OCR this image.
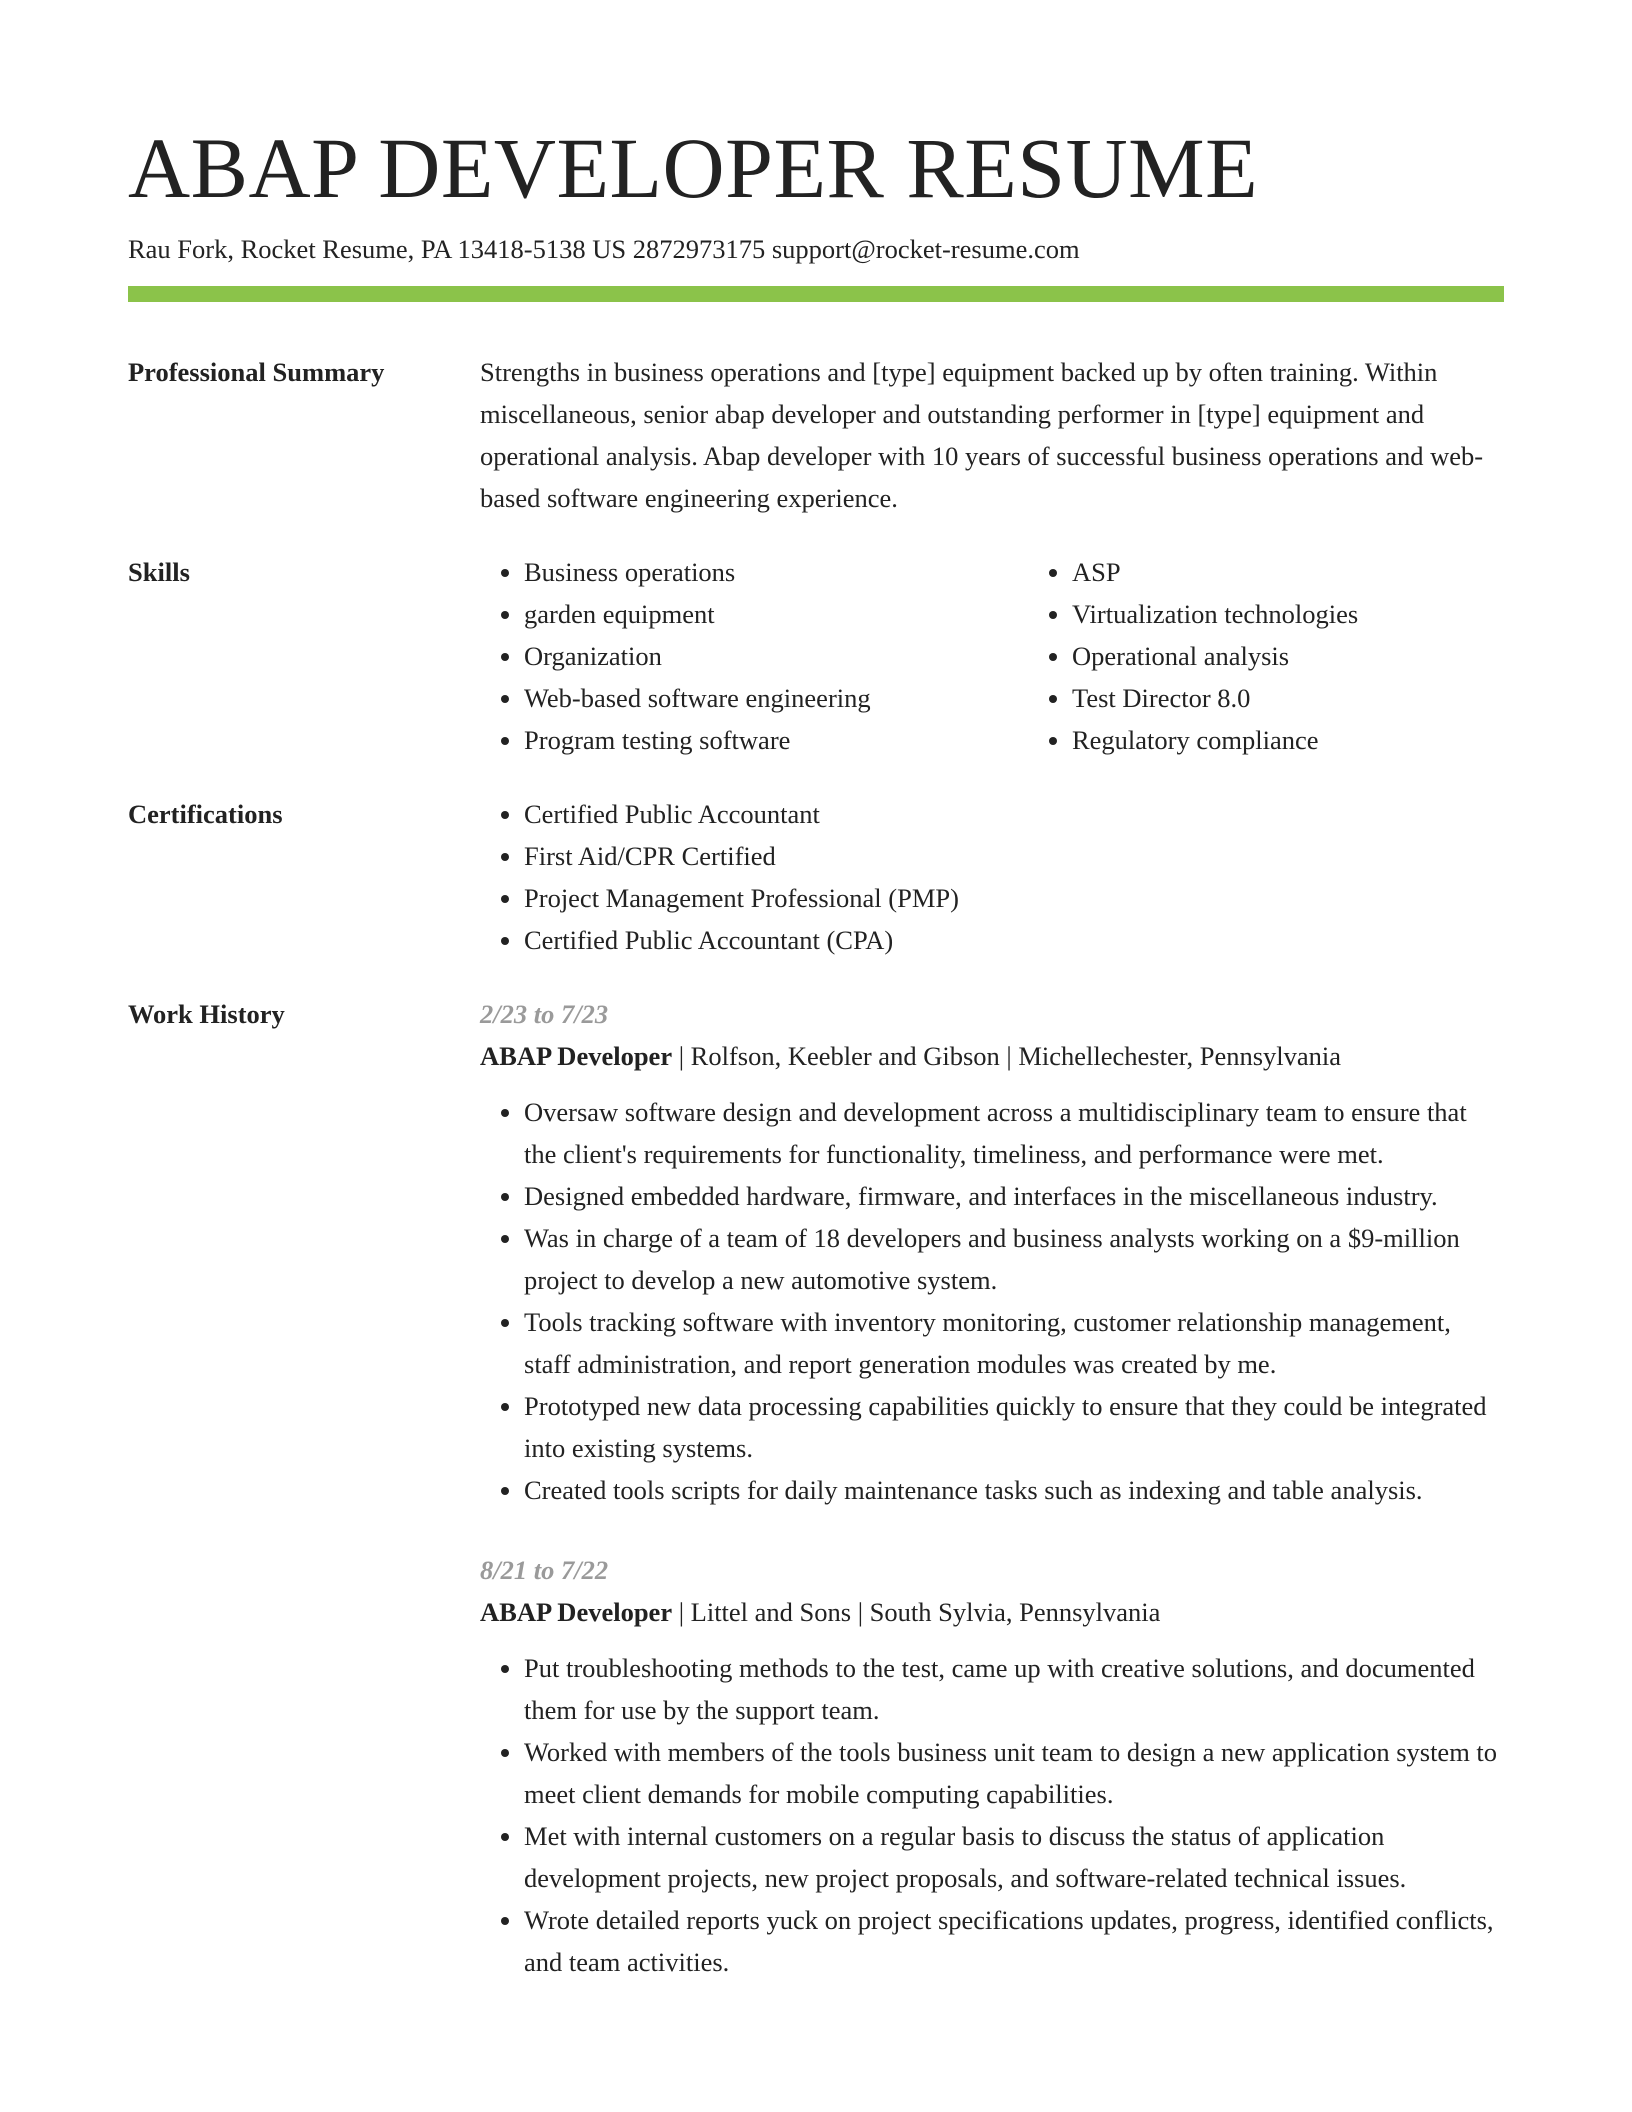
ABAP DEVELOPER RESUME
Rau Fork, Rocket Resume, PA 13418-5138 US 2872973175 support@rocket-resume.com
Professional Summary	Strengths in business operations and [type] equipment backed up by often training. Within miscellaneous, senior abap developer and outstanding performer in [type] equipment and operational analysis. Abap developer with 10 years of successful business operations and web-based software engineering experience.

Skills	• Business operations
• garden equipment
• Organization
• Web-based software engineering
• Program testing software
• ASP
• Virtualization technologies
• Operational analysis
• Test Director 8.0
• Regulatory compliance
Certifications	• Certified Public Accountant
• First Aid/CPR Certified
• Project Management Professional (PMP)
• Certified Public Accountant (CPA)
Work History	2/23 to 7/23
ABAP Developer | Rolfson, Keebler and Gibson | Michellechester, Pennsylvania
• Oversaw software design and development across a multidisciplinary team to ensure that the client's requirements for functionality, timeliness, and performance were met.
• Designed embedded hardware, firmware, and interfaces in the miscellaneous industry.
• Was in charge of a team of 18 developers and business analysts working on a $9-million project to develop a new automotive system.
• Tools tracking software with inventory monitoring, customer relationship management, staff administration, and report generation modules was created by me.
• Prototyped new data processing capabilities quickly to ensure that they could be integrated into existing systems.
• Created tools scripts for daily maintenance tasks such as indexing and table analysis.
8/21 to 7/22
ABAP Developer | Littel and Sons | South Sylvia, Pennsylvania
• Put troubleshooting methods to the test, came up with creative solutions, and documented them for use by the support team.
• Worked with members of the tools business unit team to design a new application system to meet client demands for mobile computing capabilities.
• Met with internal customers on a regular basis to discuss the status of application development projects, new project proposals, and software-related technical issues.
• Wrote detailed reports yuck on project specifications updates, progress, identified conflicts, and team activities.
